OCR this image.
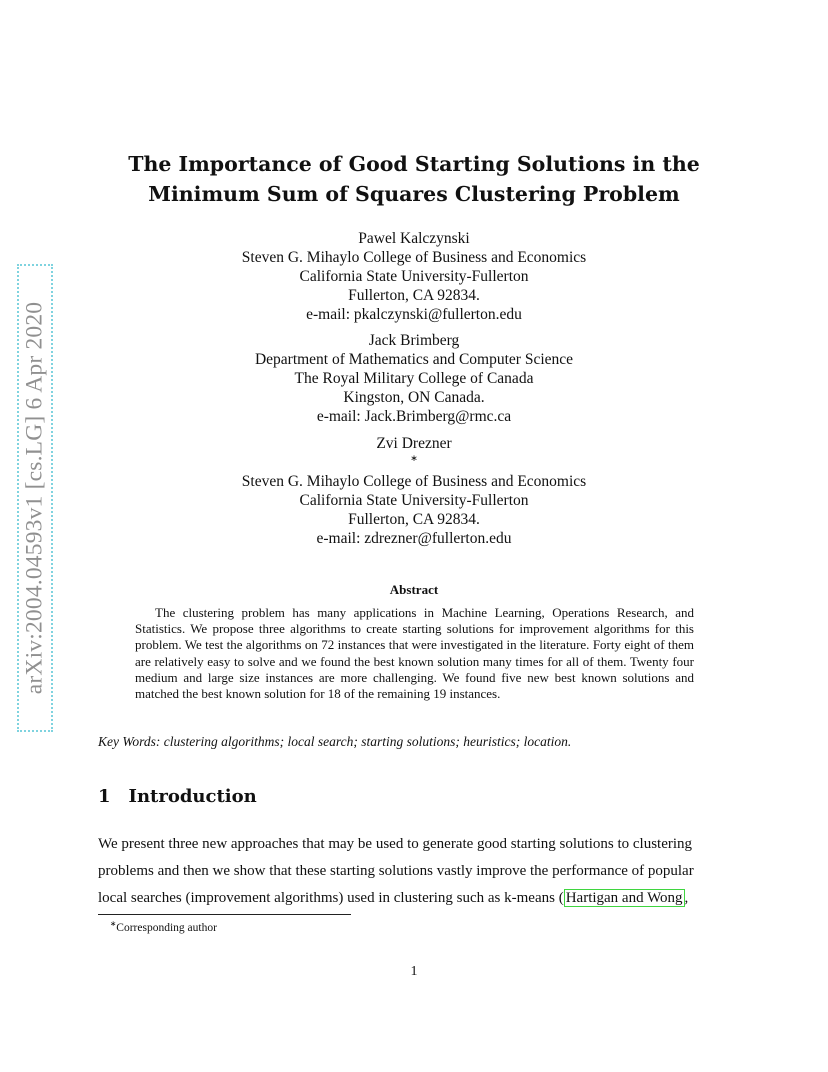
arXiv:2004.04593v1 [cs.LG] 6 Apr 2020
The Importance of Good Starting Solutions in the
Minimum Sum of Squares Clustering Problem
Pawel Kalczynski
Steven G. Mihaylo College of Business and Economics
California State University-Fullerton
Fullerton, CA 92834.
e-mail: pkalczynski@fullerton.edu
Jack Brimberg
Department of Mathematics and Computer Science
The Royal Military College of Canada
Kingston, ON Canada.
e-mail: Jack.Brimberg@rmc.ca
Zvi Drezner
∗
Steven G. Mihaylo College of Business and Economics
California State University-Fullerton
Fullerton, CA 92834.
e-mail: zdrezner@fullerton.edu
Abstract
The clustering problem has many applications in Machine Learning, Operations Research, and Statistics. We propose three algorithms to create starting solutions for improvement algorithms for this problem. We test the algorithms on 72 instances that were investigated in the literature. Forty eight of them are relatively easy to solve and we found the best known solution many times for all of them. Twenty four medium and large size instances are more challenging. We found five new best known solutions and matched the best known solution for 18 of the remaining 19 instances.
Key Words: clustering algorithms; local search; starting solutions; heuristics; location.
1 Introduction
We present three new approaches that may be used to generate good starting solutions to clustering
problems and then we show that these starting solutions vastly improve the performance of popular
local searches (improvement algorithms) used in clustering such as k-means ( Hartigan and Wong ,
∗Corresponding author
1
